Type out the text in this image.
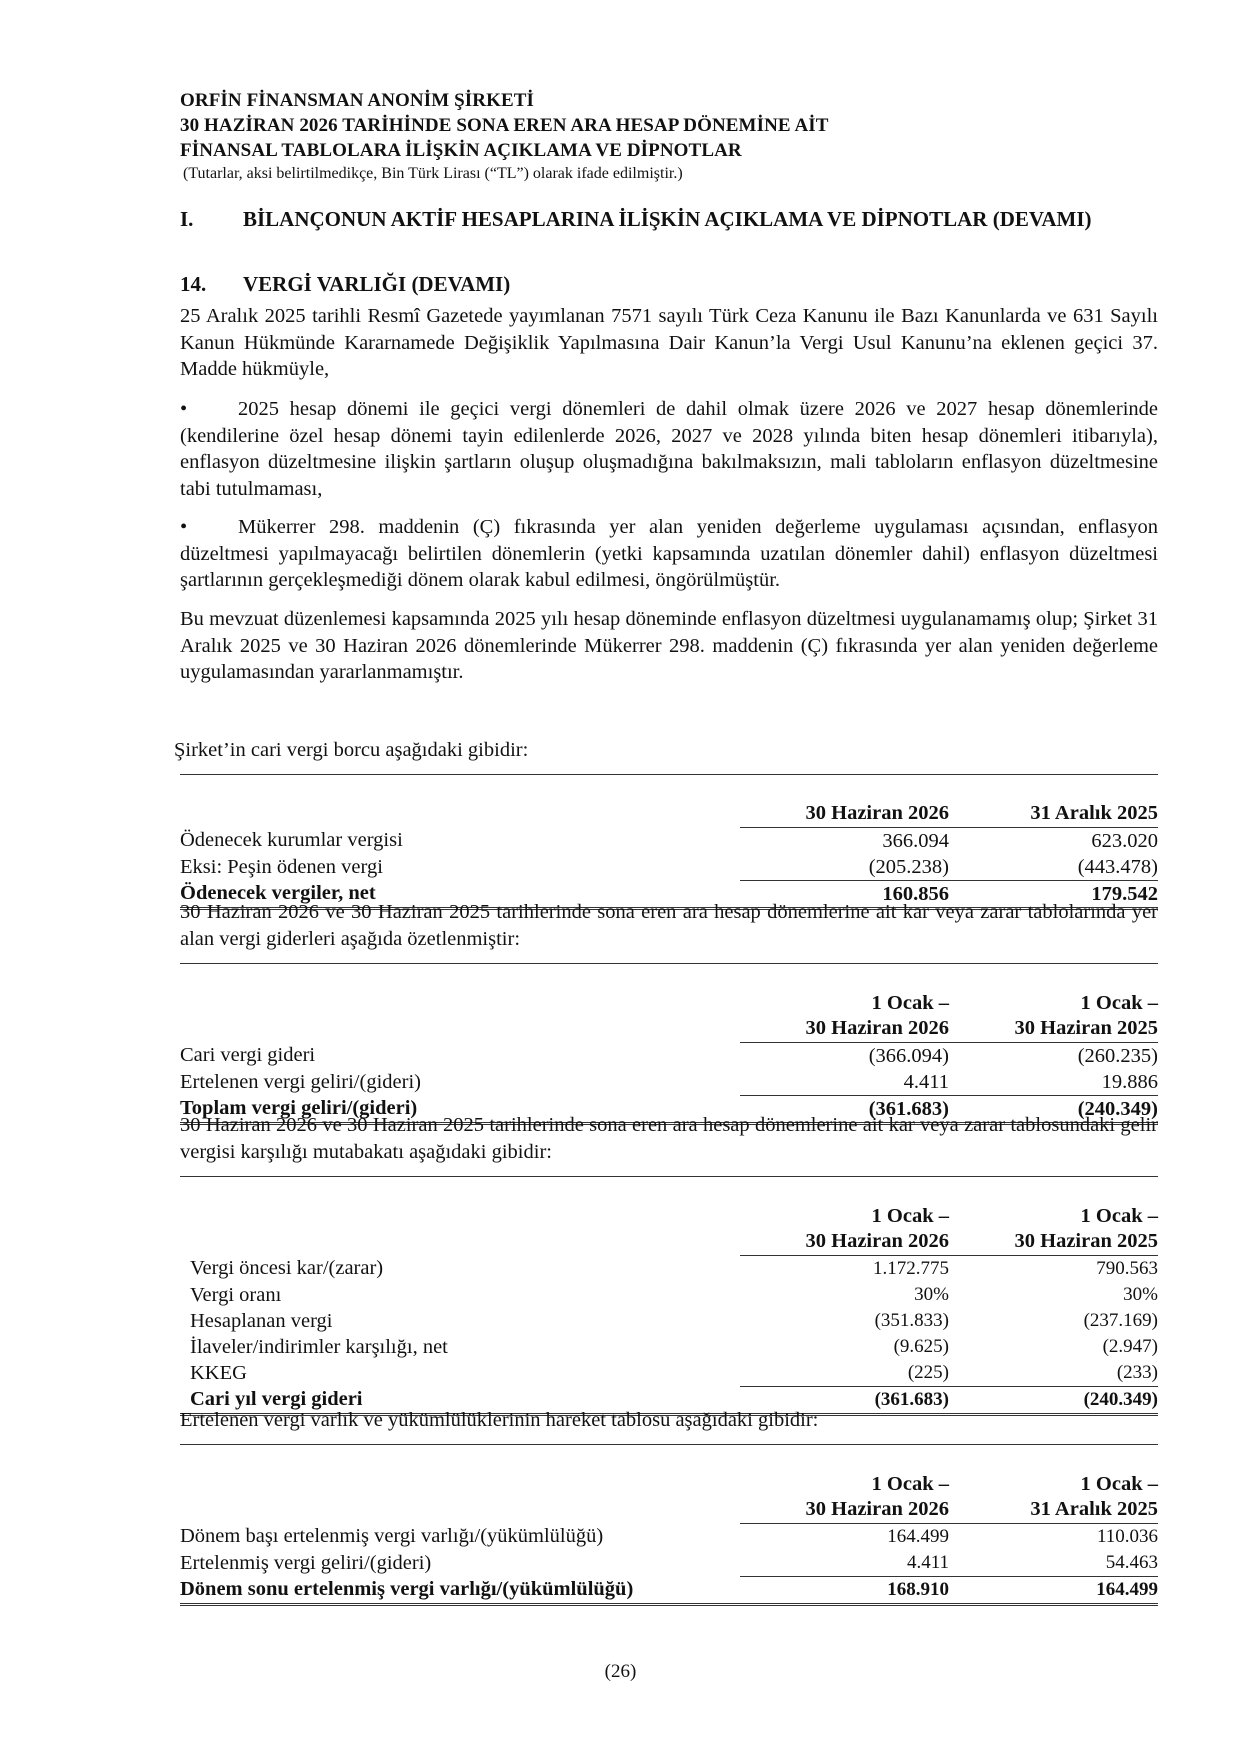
ORFİN FİNANSMAN ANONİM ŞİRKETİ
30 HAZİRAN 2026 TARİHİNDE SONA EREN ARA HESAP DÖNEMİNE AİT
FİNANSAL TABLOLARA İLİŞKİN AÇIKLAMA VE DİPNOTLAR
(Tutarlar, aksi belirtilmedikçe, Bin Türk Lirası (“TL”) olarak ifade edilmiştir.)
I. BİLANÇONUN AKTİF HESAPLARINA İLİŞKİN AÇIKLAMA VE DİPNOTLAR (DEVAMI)
14. VERGİ VARLIĞI (DEVAMI)
25 Aralık 2025 tarihli Resmî Gazetede yayımlanan 7571 sayılı Türk Ceza Kanunu ile Bazı Kanunlarda ve 631 Sayılı Kanun Hükmünde Kararnamede Değişiklik Yapılmasına Dair Kanun’la Vergi Usul Kanunu’na eklenen geçici 37. Madde hükmüyle,
• 2025 hesap dönemi ile geçici vergi dönemleri de dahil olmak üzere 2026 ve 2027 hesap dönemlerinde (kendilerine özel hesap dönemi tayin edilenlerde 2026, 2027 ve 2028 yılında biten hesap dönemleri itibarıyla), enflasyon düzeltmesine ilişkin şartların oluşup oluşmadığına bakılmaksızın, mali tabloların enflasyon düzeltmesine tabi tutulmaması,
• Mükerrer 298. maddenin (Ç) fıkrasında yer alan yeniden değerleme uygulaması açısından, enflasyon düzeltmesi yapılmayacağı belirtilen dönemlerin (yetki kapsamında uzatılan dönemler dahil) enflasyon düzeltmesi şartlarının gerçekleşmediği dönem olarak kabul edilmesi, öngörülmüştür.
Bu mevzuat düzenlemesi kapsamında 2025 yılı hesap döneminde enflasyon düzeltmesi uygulanamamış olup; Şirket 31 Aralık 2025 ve 30 Haziran 2026 dönemlerinde Mükerrer 298. maddenin (Ç) fıkrasında yer alan yeniden değerleme uygulamasından yararlanmamıştır.
Şirket’in cari vergi borcu aşağıdaki gibidir:

	30 Haziran 2026	31 Aralık 2025
Ödenecek kurumlar vergisi	366.094	623.020
Eksi: Peşin ödenen vergi	(205.238)	(443.478)
Ödenecek vergiler, net	160.856	179.542
30 Haziran 2026 ve 30 Haziran 2025 tarihlerinde sona eren ara hesap dönemlerine ait kar veya zarar tablolarında yer alan vergi giderleri aşağıda özetlenmiştir:

	1 Ocak –	1 Ocak –
	30 Haziran 2026	30 Haziran 2025
Cari vergi gideri	(366.094)	(260.235)
Ertelenen vergi geliri/(gideri)	4.411	19.886
Toplam vergi geliri/(gideri)	(361.683)	(240.349)
30 Haziran 2026 ve 30 Haziran 2025 tarihlerinde sona eren ara hesap dönemlerine ait kar veya zarar tablosundaki gelir vergisi karşılığı mutabakatı aşağıdaki gibidir:

	1 Ocak –	1 Ocak –
	30 Haziran 2026	30 Haziran 2025
Vergi öncesi kar/(zarar)	1.172.775	790.563
Vergi oranı	30%	30%
Hesaplanan vergi	(351.833)	(237.169)
İlaveler/indirimler karşılığı, net	(9.625)	(2.947)
KKEG	(225)	(233)
Cari yıl vergi gideri	(361.683)	(240.349)
Ertelenen vergi varlık ve yükümlülüklerinin hareket tablosu aşağıdaki gibidir:

	1 Ocak –	1 Ocak –
	30 Haziran 2026	31 Aralık 2025
Dönem başı ertelenmiş vergi varlığı/(yükümlülüğü)	164.499	110.036
Ertelenmiş vergi geliri/(gideri)	4.411	54.463
Dönem sonu ertelenmiş vergi varlığı/(yükümlülüğü)	168.910	164.499
(26)
